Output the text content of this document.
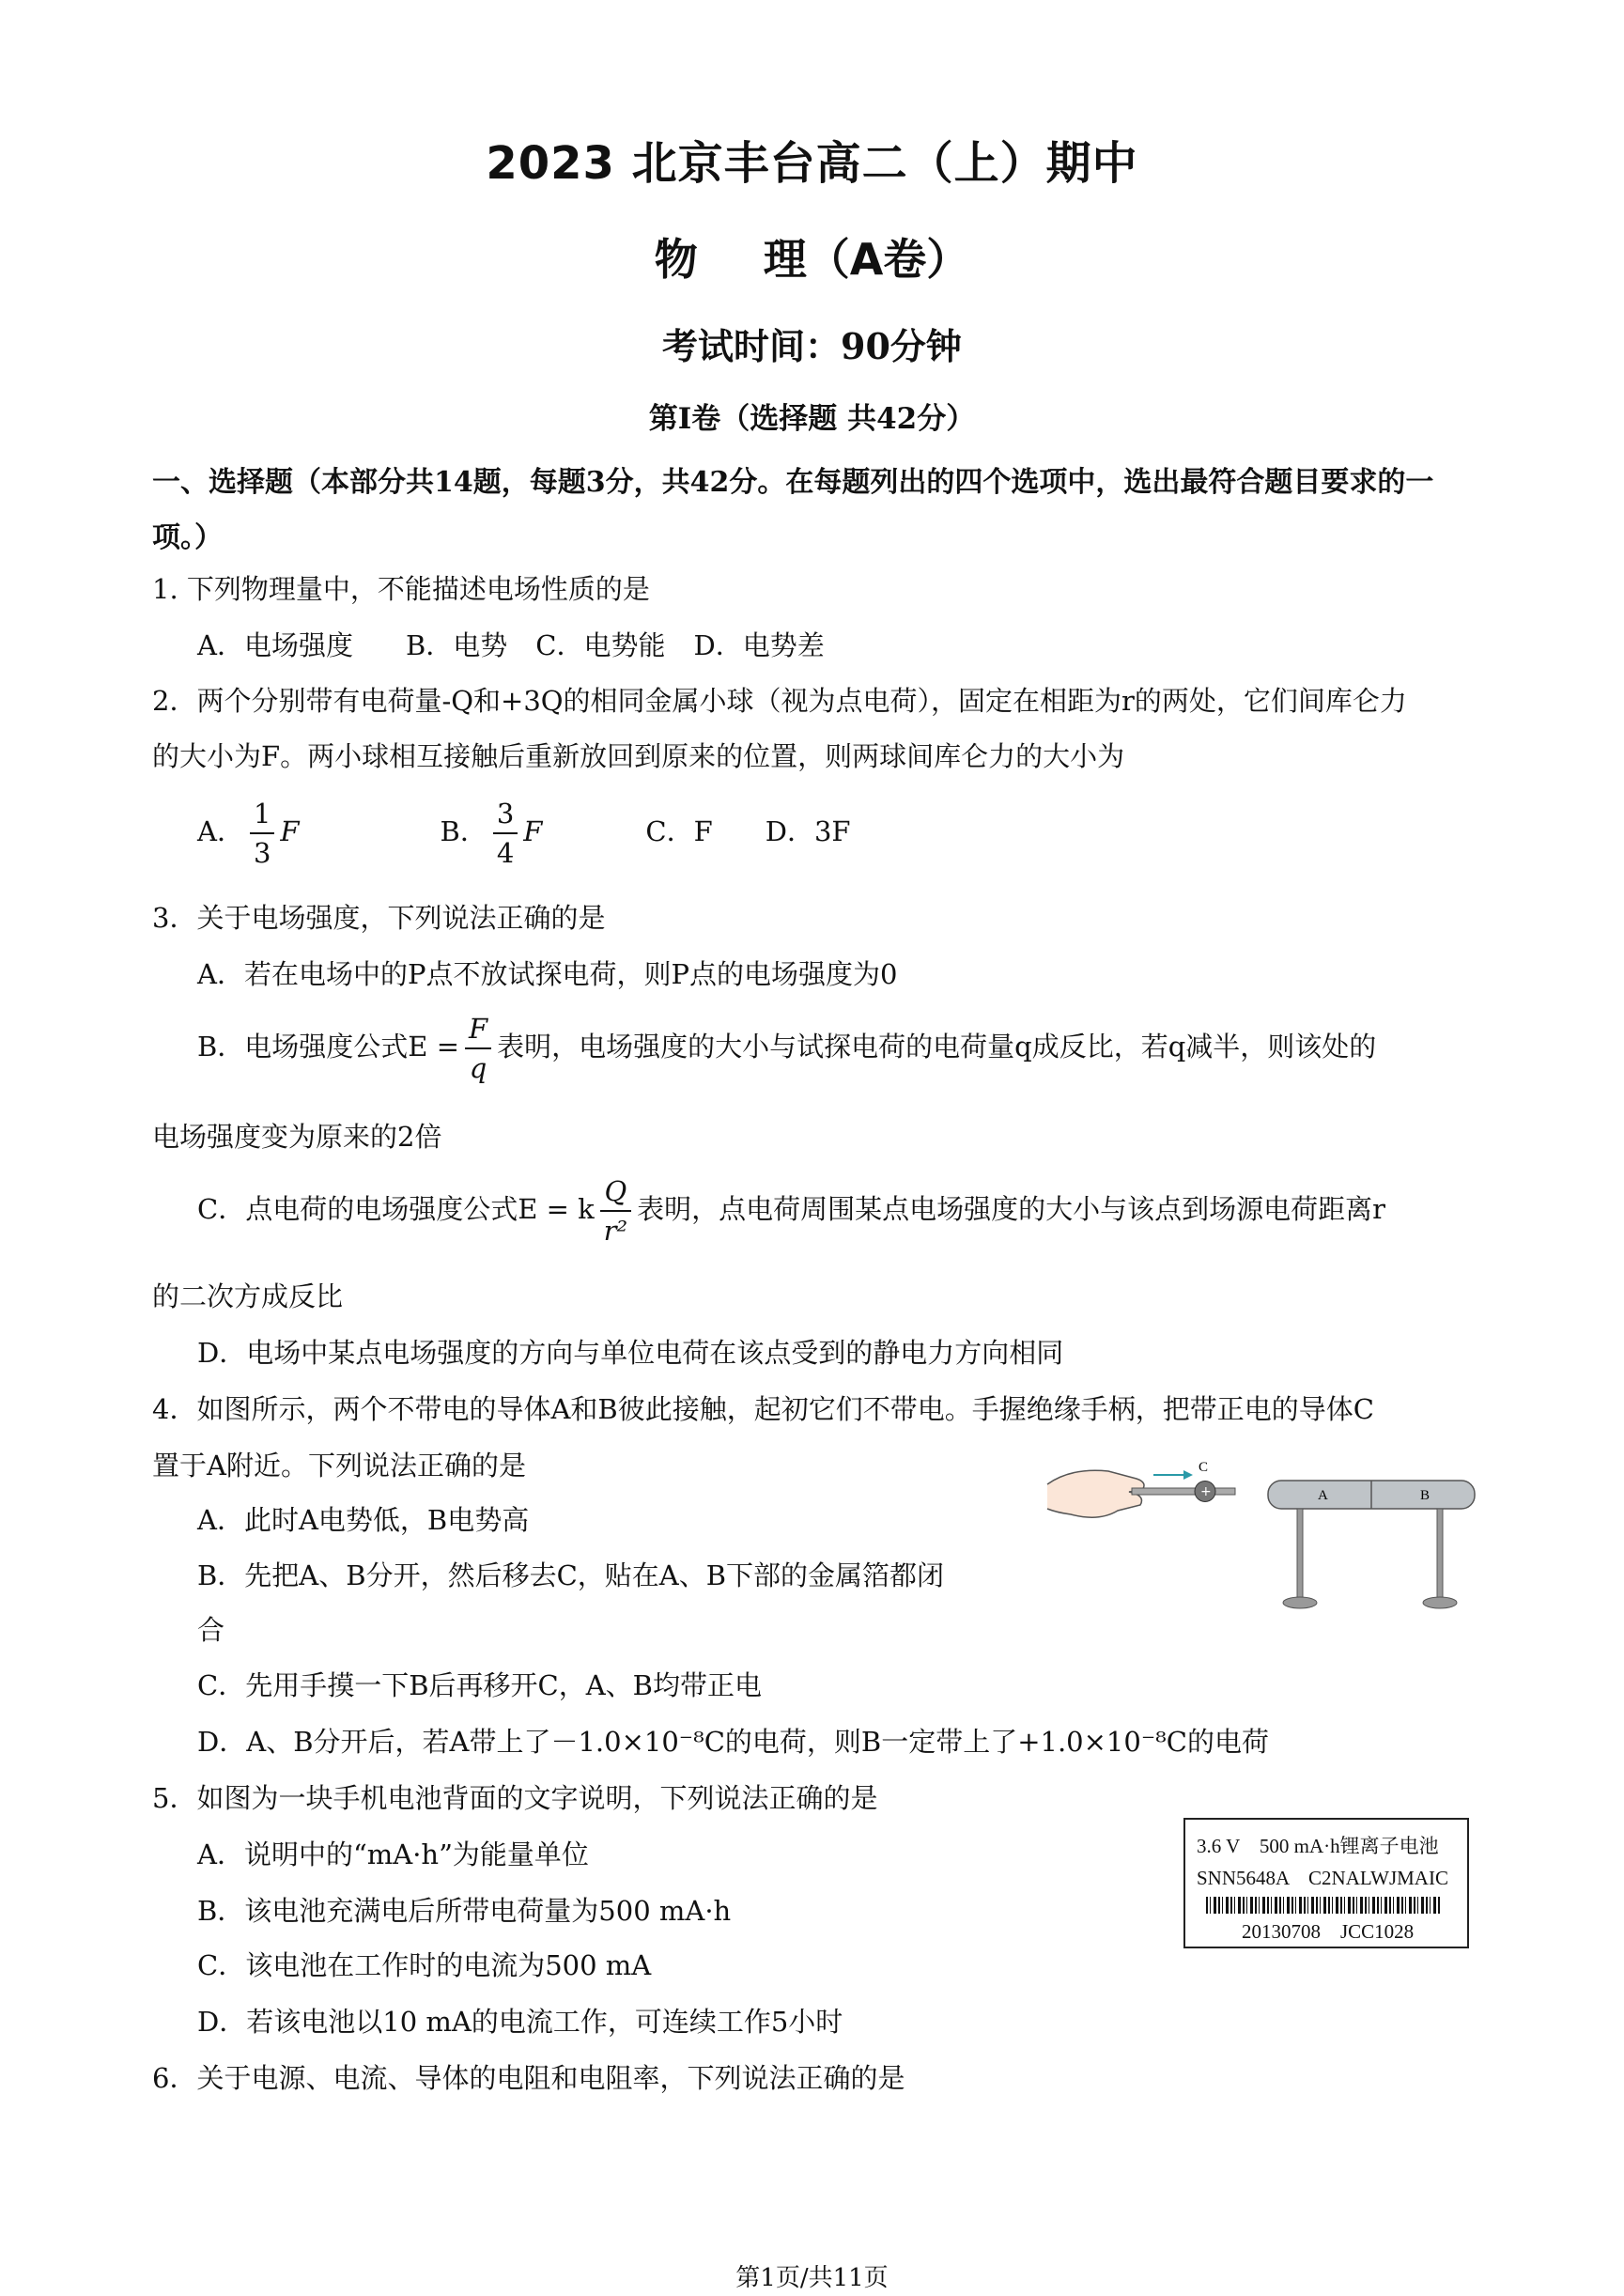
2023 北京丰台高二（上）期中
物 理（A卷）
考试时间：90分钟
第I卷（选择题 共42分）
一、选择题（本部分共14题，每题3分，共42分。在每题列出的四个选项中，选出最符合题目要求的一
项。）
1. 下列物理量中，不能描述电场性质的是
A．电场强度 B．电势 C．电势能 D．电势差
2．两个分别带有电荷量-Q和+3Q的相同金属小球（视为点电荷），固定在相距为r的两处，它们间库仑力
的大小为F。两小球相互接触后重新放回到原来的位置，则两球间库仑力的大小为
A． $\frac{1}{3}$ F	B． $\frac{3}{4}$ F	C．F D．3F
3．关于电场强度，下列说法正确的是
A．若在电场中的P点不放试探电荷，则P点的电场强度为0
B．电场强度公式$E = \frac{F}{q}$ 表明，电场强度的大小与试探电荷的电荷量q成反比，若q减半，则该处的
电场强度变为原来的2倍
C．点电荷的电场强度公式E = k $\frac{Q}{\text{r²}}$ 表明，点电荷周围某点电场强度的大小与该点到场源电荷距离r
的二次方成反比
D．电场中某点电场强度的方向与单位电荷在该点受到的静电力方向相同
4．如图所示，两个不带电的导体A和B彼此接触，起初它们不带电。手握绝缘手柄，把带正电的导体C
置于A附近。下列说法正确的是
A．此时A电势低，B电势高
B．先把A、B分开，然后移去C，贴在A、B下部的金属箔都闭
合
C．先用手摸一下B后再移开C，A、B均带正电
D．A、B分开后，若A带上了－1.0×10⁻⁸C的电荷，则B一定带上了+1.0×10⁻⁸C的电荷
+
C
A	B
5．如图为一块手机电池背面的文字说明，下列说法正确的是
A．说明中的“mA·h”为能量单位
B．该电池充满电后所带电荷量为500 mA·h
C．该电池在工作时的电流为500 mA
D．若该电池以10 mA的电流工作，可连续工作5小时
3.6 V　500 mA·h锂离子电池
SNN5648A　C2NALWJMAIC
20130708　JCC1028
6．关于电源、电流、导体的电阻和电阻率，下列说法正确的是
第1页/共11页
